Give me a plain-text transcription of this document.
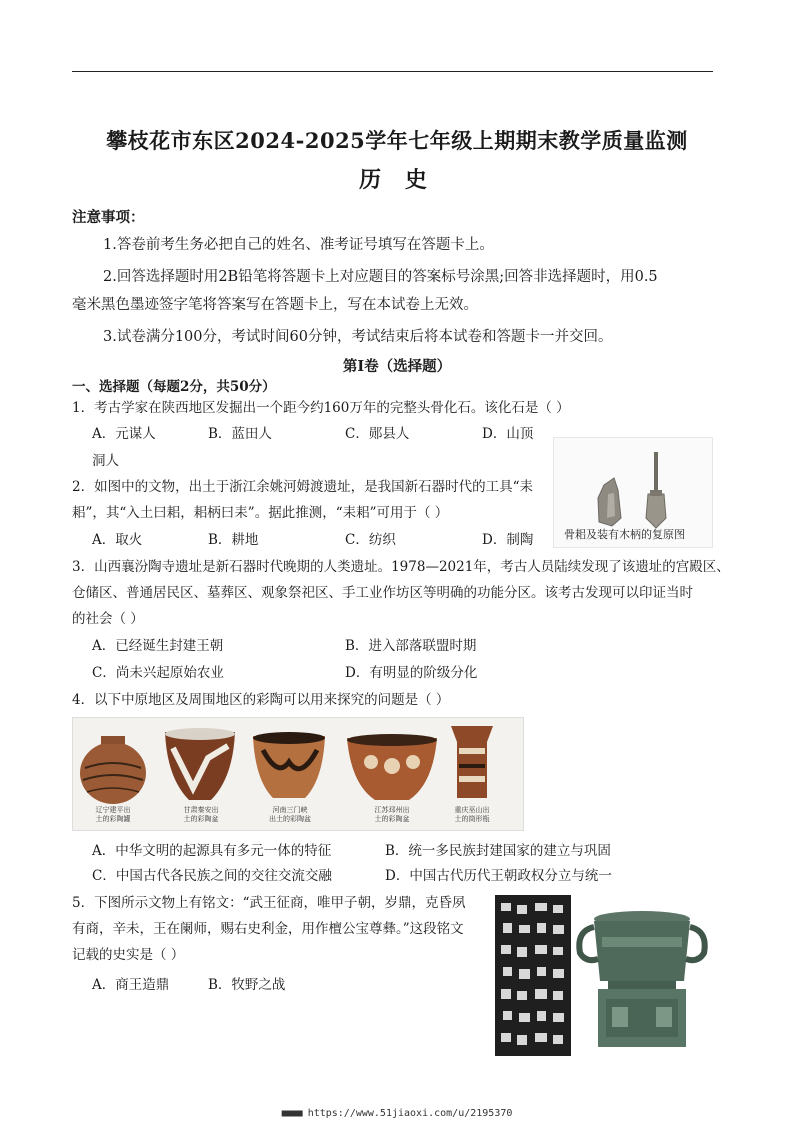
攀枝花市东区2024-2025学年七年级上期期末教学质量监测
历 史
注意事项：
1.答卷前考生务必把自己的姓名、准考证号填写在答题卡上。
2.回答选择题时用2B铅笔将答题卡上对应题目的答案标号涂黑;回答非选择题时，用0.5
毫米黑色墨迹签字笔将答案写在答题卡上，写在本试卷上无效。
3.试卷满分100分，考试时间60分钟，考试结束后将本试卷和答题卡一并交回。
第Ⅰ卷（选择题）
一、选择题（每题2分，共50分）
1．考古学家在陕西地区发掘出一个距今约160万年的完整头骨化石。该化石是（ ）
A．元谋人	B．蓝田人	C．郧县人	D．山顶
洞人
骨耜及装有木柄的复原图
2．如图中的文物，出土于浙江余姚河姆渡遗址，是我国新石器时代的工具“耒
耜”，其“入土曰耜，耜柄曰耒”。据此推测，“耒耜”可用于（ ）
A．取火	B．耕地	C．纺织	D．制陶
3．山西襄汾陶寺遗址是新石器时代晚期的人类遗址。1978—2021年，考古人员陆续发现了该遗址的宫殿区、
仓储区、普通居民区、墓葬区、观象祭祀区、手工业作坊区等明确的功能分区。该考古发现可以印证当时
的社会（ ）
A．已经诞生封建王朝	B．进入部落联盟时期
C．尚未兴起原始农业	D．有明显的阶级分化
4．以下中原地区及周围地区的彩陶可以用来探究的问题是（ ）
辽宁建平出
土的彩陶罐
甘肃秦安出
土的彩陶盆
河南三门峡
出土的彩陶盆
江苏邳州出
土的彩陶盆
重庆巫山出
土的筒形瓶
A．中华文明的起源具有多元一体的特征	B．统一多民族封建国家的建立与巩固
C．中国古代各民族之间的交往交流交融	D．中国古代历代王朝政权分立与统一
5．下图所示文物上有铭文：“武王征商，唯甲子朝，岁鼎，克昏夙
有商，辛未，王在阑师，赐右史利金，用作檀公宝尊彝。”这段铭文
记载的史实是（ ）
A．商王造鼎	B．牧野之战
■■■■ https://www.51jiaoxi.com/u/2195370
